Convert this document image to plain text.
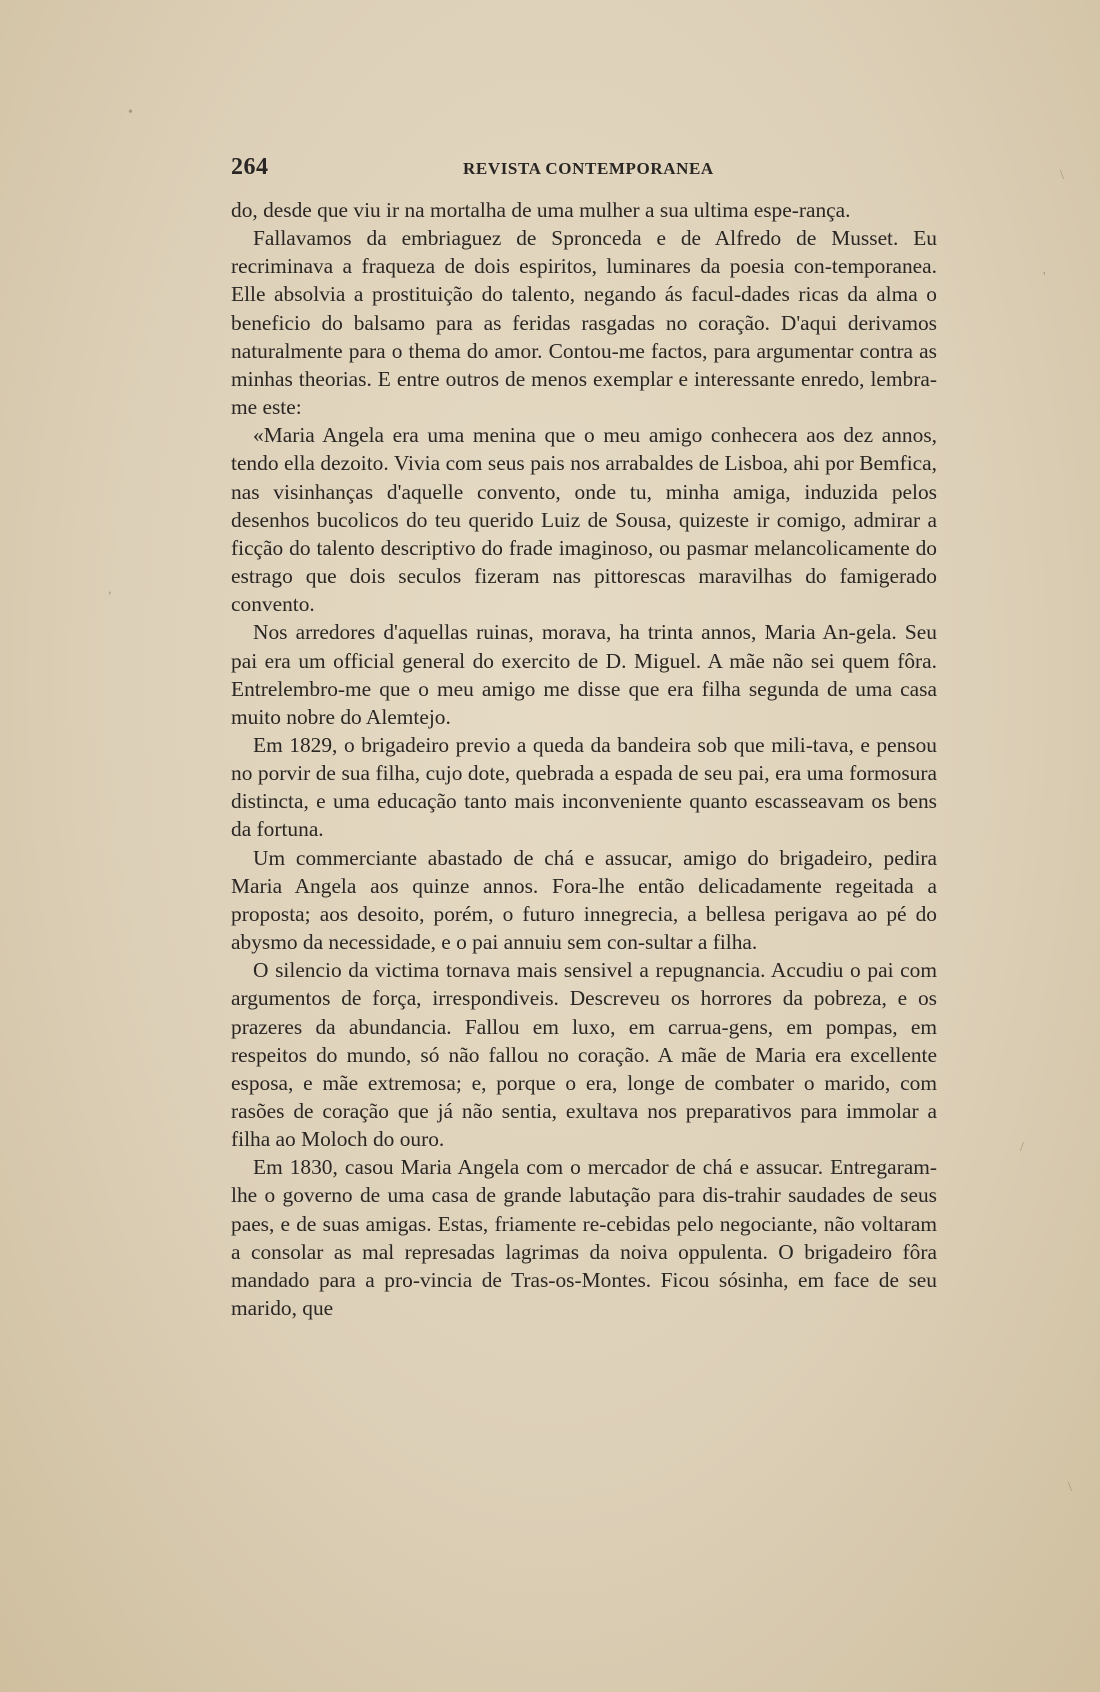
264	REVISTA CONTEMPORANEA

do, desde que viu ir na mortalha de uma mulher a sua ultima espe-rança.

Fallavamos da embriaguez de Spronceda e de Alfredo de Musset. Eu recriminava a fraqueza de dois espiritos, luminares da poesia con-temporanea. Elle absolvia a prostituição do talento, negando ás facul-dades ricas da alma o beneficio do balsamo para as feridas rasgadas no coração. D'aqui derivamos naturalmente para o thema do amor. Contou-me factos, para argumentar contra as minhas theorias. E entre outros de menos exemplar e interessante enredo, lembra-me este:

«Maria Angela era uma menina que o meu amigo conhecera aos dez annos, tendo ella dezoito. Vivia com seus pais nos arrabaldes de Lisboa, ahi por Bemfica, nas visinhanças d'aquelle convento, onde tu, minha amiga, induzida pelos desenhos bucolicos do teu querido Luiz de Sousa, quizeste ir comigo, admirar a ficção do talento descriptivo do frade imaginoso, ou pasmar melancolicamente do estrago que dois seculos fizeram nas pittorescas maravilhas do famigerado convento.

Nos arredores d'aquellas ruinas, morava, ha trinta annos, Maria An-gela. Seu pai era um official general do exercito de D. Miguel. A mãe não sei quem fôra. Entrelembro-me que o meu amigo me disse que era filha segunda de uma casa muito nobre do Alemtejo.

Em 1829, o brigadeiro previo a queda da bandeira sob que mili-tava, e pensou no porvir de sua filha, cujo dote, quebrada a espada de seu pai, era uma formosura distincta, e uma educação tanto mais inconveniente quanto escasseavam os bens da fortuna.

Um commerciante abastado de chá e assucar, amigo do brigadeiro, pedira Maria Angela aos quinze annos. Fora-lhe então delicadamente regeitada a proposta; aos desoito, porém, o futuro innegrecia, a bellesa perigava ao pé do abysmo da necessidade, e o pai annuiu sem con-sultar a filha.

O silencio da victima tornava mais sensivel a repugnancia. Accudiu o pai com argumentos de força, irrespondiveis. Descreveu os horrores da pobreza, e os prazeres da abundancia. Fallou em luxo, em carrua-gens, em pompas, em respeitos do mundo, só não fallou no coração. A mãe de Maria era excellente esposa, e mãe extremosa; e, porque o era, longe de combater o marido, com rasões de coração que já não sentia, exultava nos preparativos para immolar a filha ao Moloch do ouro.

Em 1830, casou Maria Angela com o mercador de chá e assucar. Entregaram-lhe o governo de uma casa de grande labutação para dis-trahir saudades de seus paes, e de suas amigas. Estas, friamente re-cebidas pelo negociante, não voltaram a consolar as mal represadas lagrimas da noiva oppulenta. O brigadeiro fôra mandado para a pro-vincia de Tras-os-Montes. Ficou sósinha, em face de seu marido, que

•
\
'
,
/
\
